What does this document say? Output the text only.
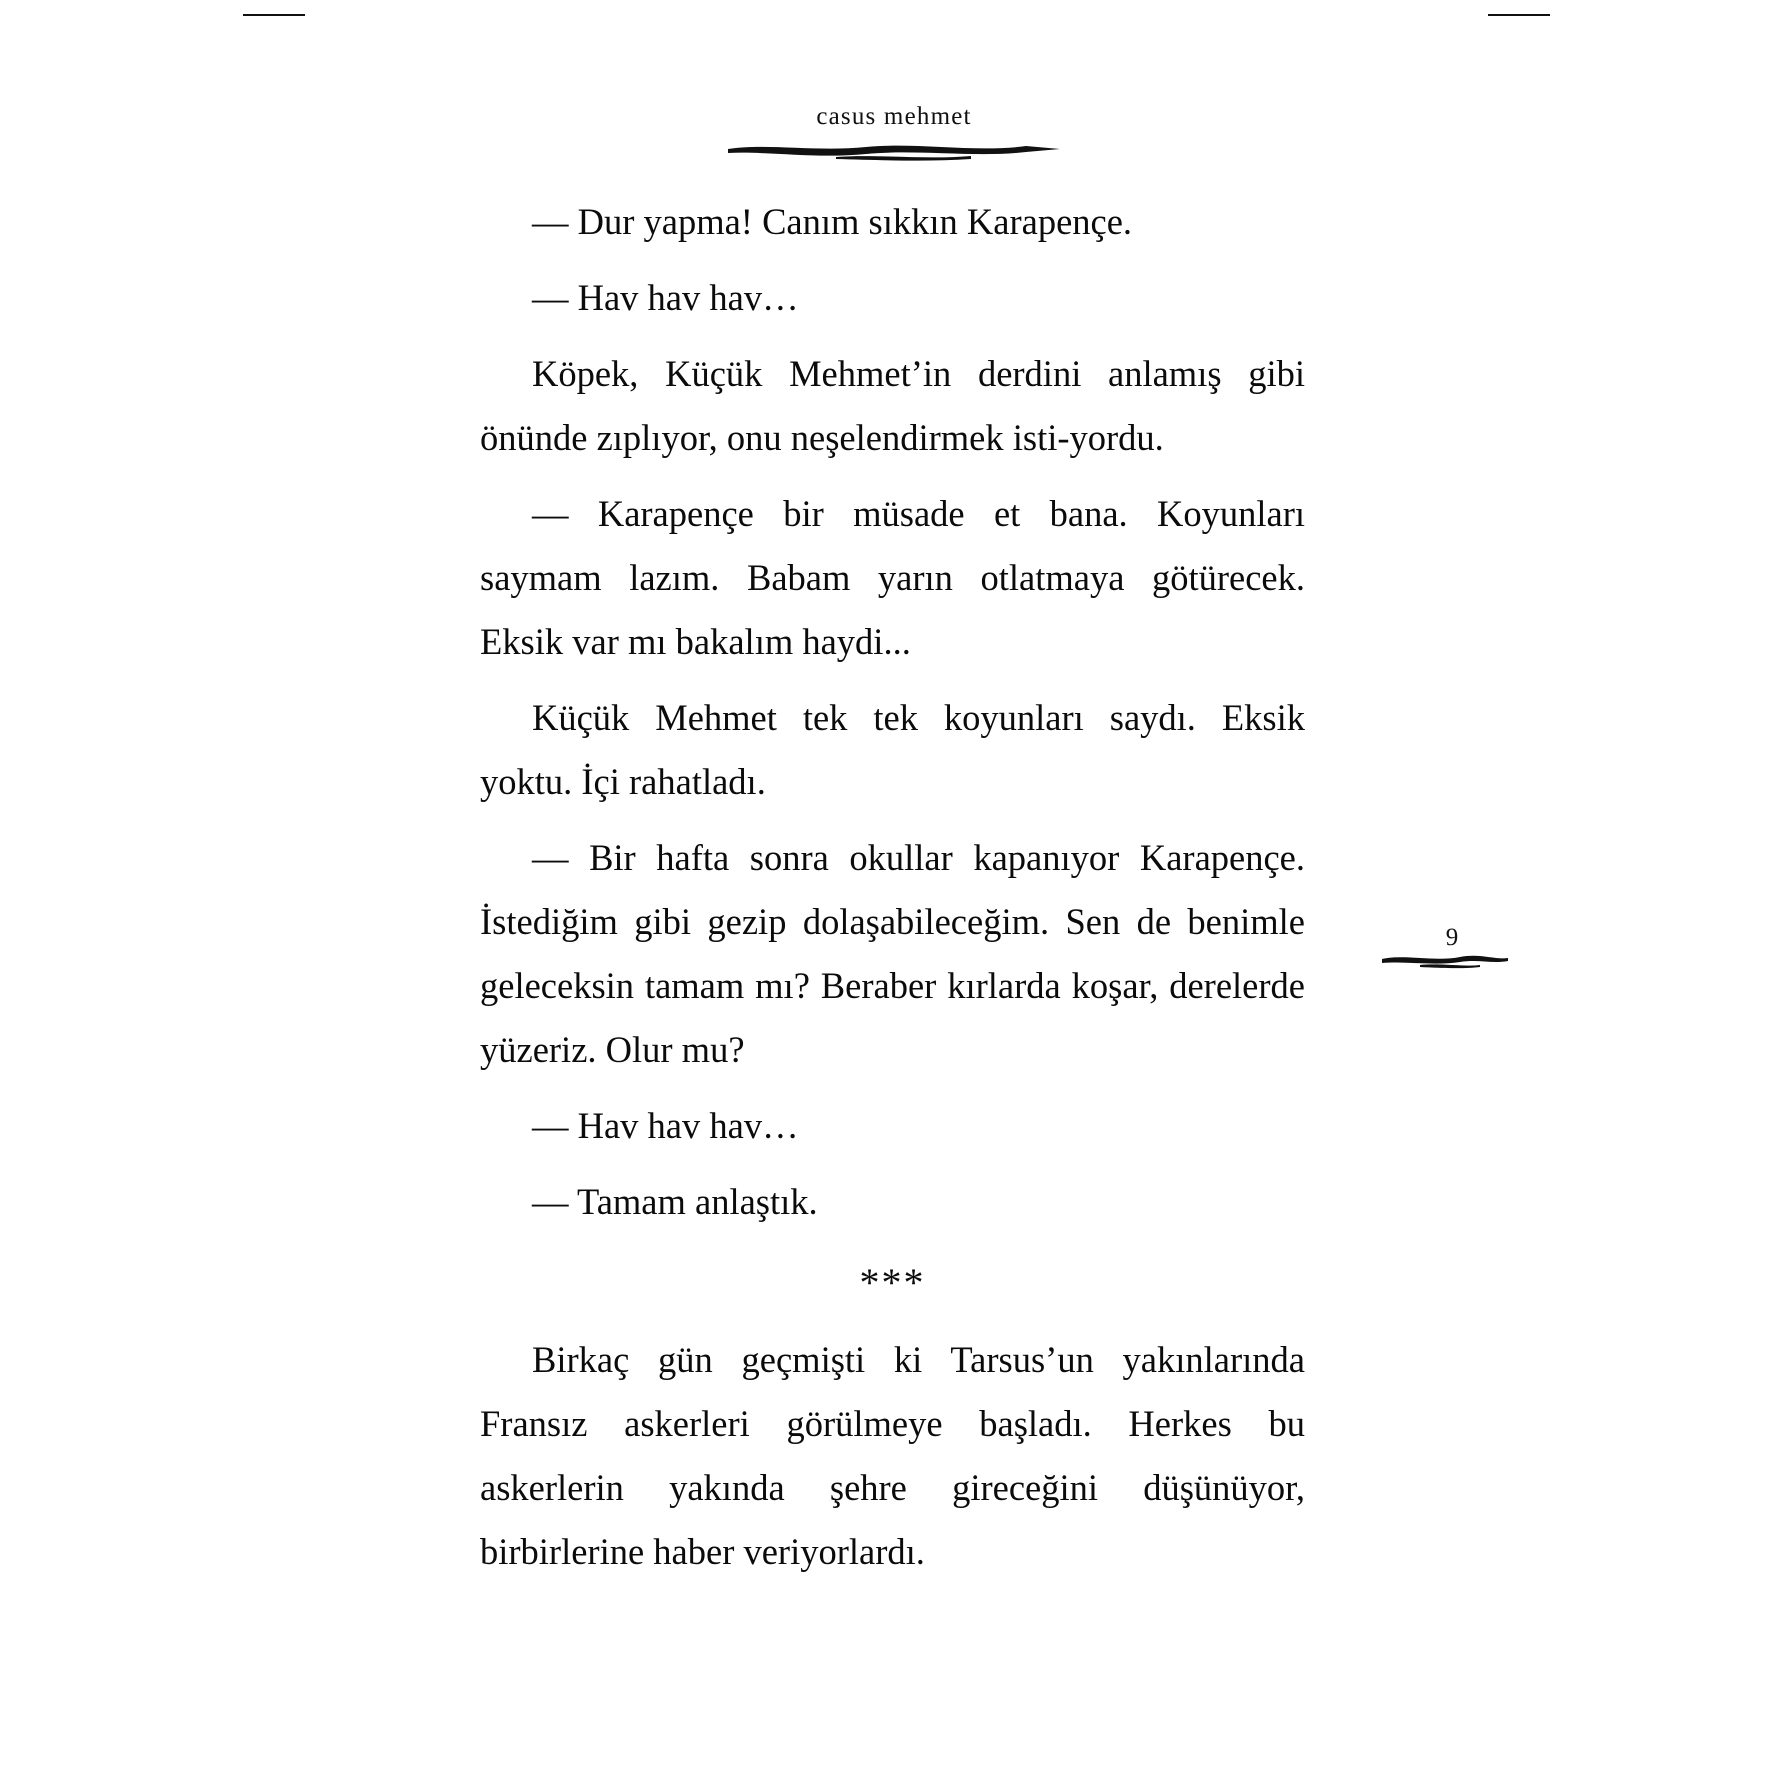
casus mehmet
9

— Dur yapma! Canım sıkkın Karapençe.

— Hav hav hav…

Köpek, Küçük Mehmet’in derdini anlamış gibi önünde zıplıyor, onu neşelendirmek isti-yordu.

— Karapençe bir müsade et bana. Koyunları saymam lazım. Babam yarın otlatmaya götürecek. Eksik var mı bakalım haydi...

Küçük Mehmet tek tek koyunları saydı. Eksik yoktu. İçi rahatladı.

— Bir hafta sonra okullar kapanıyor Karapençe. İstediğim gibi gezip dolaşabileceğim. Sen de benimle geleceksin tamam mı? Beraber kırlarda koşar, derelerde yüzeriz. Olur mu?

— Hav hav hav…

— Tamam anlaştık.

***

Birkaç gün geçmişti ki Tarsus’un yakınlarında Fransız askerleri görülmeye başladı. Herkes bu askerlerin yakında şehre gireceğini düşünüyor, birbirlerine haber veriyorlardı.
